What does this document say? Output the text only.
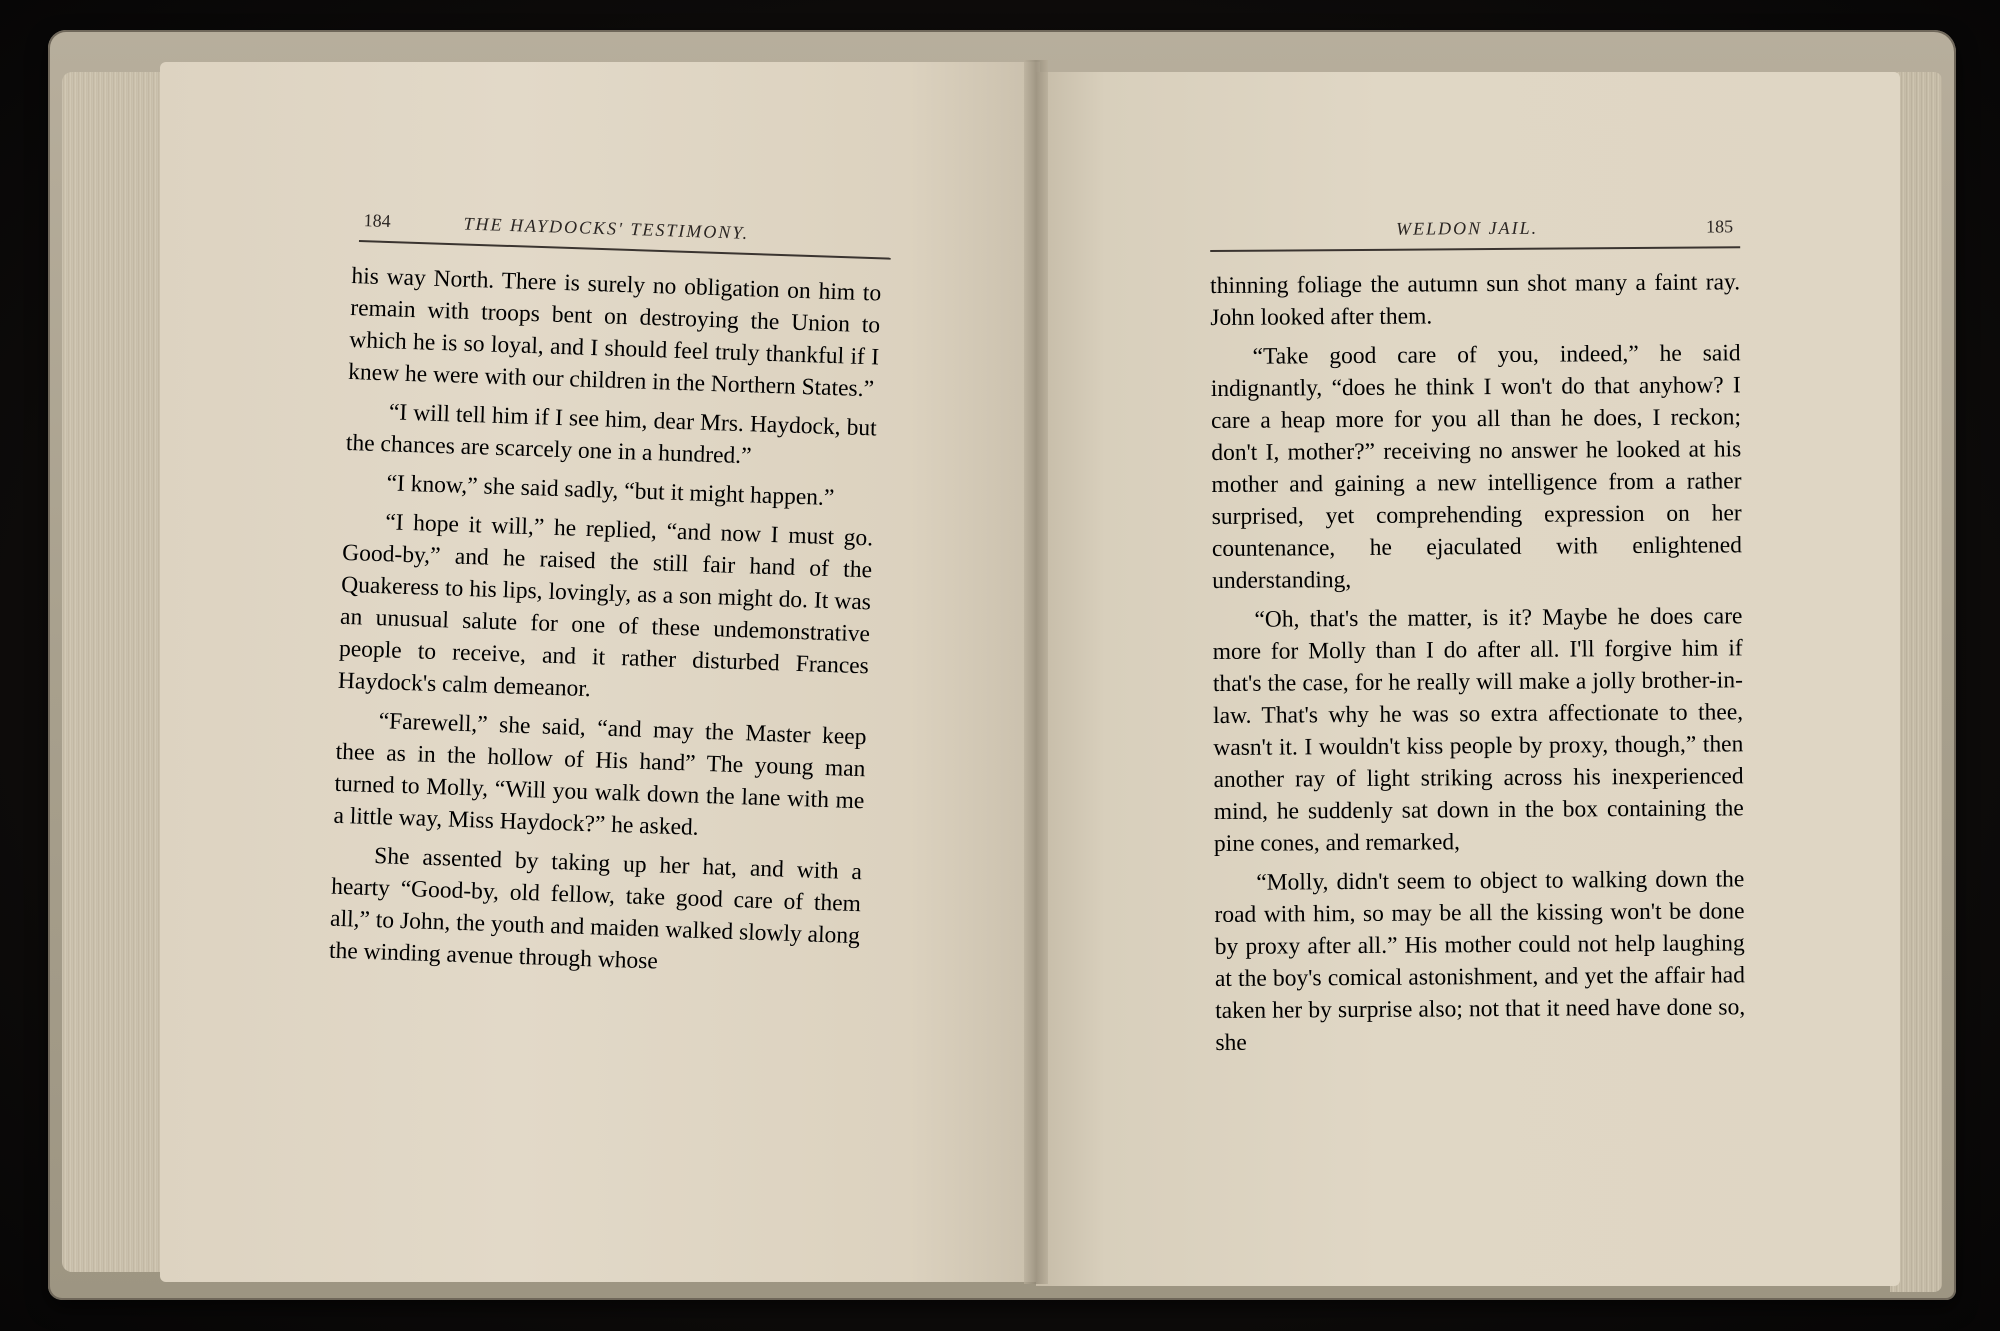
184	THE HAYDOCKS' TESTIMONY.

his way North. There is surely no obligation on him to remain with troops bent on destroying the Union to which he is so loyal, and I should feel truly thankful if I knew he were with our children in the Northern States.”

“I will tell him if I see him, dear Mrs. Haydock, but the chances are scarcely one in a hundred.”

“I know,” she said sadly, “but it might happen.”

“I hope it will,” he replied, “and now I must go. Good-by,” and he raised the still fair hand of the Quakeress to his lips, lovingly, as a son might do. It was an unusual salute for one of these undemonstrative people to receive, and it rather disturbed Frances Haydock's calm demeanor.

“Farewell,” she said, “and may the Master keep thee as in the hollow of His hand” The young man turned to Molly, “Will you walk down the lane with me a little way, Miss Haydock?” he asked.

She assented by taking up her hat, and with a hearty “Good-by, old fellow, take good care of them all,” to John, the youth and maiden walked slowly along the winding avenue through whose

WELDON JAIL.	185

thinning foliage the autumn sun shot many a faint ray. John looked after them.

“Take good care of you, indeed,” he said indignantly, “does he think I won't do that anyhow? I care a heap more for you all than he does, I reckon; don't I, mother?” receiving no answer he looked at his mother and gaining a new intelligence from a rather surprised, yet comprehending expression on her countenance, he ejaculated with enlightened understanding,

“Oh, that's the matter, is it? Maybe he does care more for Molly than I do after all. I'll forgive him if that's the case, for he really will make a jolly brother-in-law. That's why he was so extra affectionate to thee, wasn't it. I wouldn't kiss people by proxy, though,” then another ray of light striking across his inexperienced mind, he suddenly sat down in the box containing the pine cones, and remarked,

“Molly, didn't seem to object to walking down the road with him, so may be all the kissing won't be done by proxy after all.” His mother could not help laughing at the boy's comical astonishment, and yet the affair had taken her by surprise also; not that it need have done so, she
